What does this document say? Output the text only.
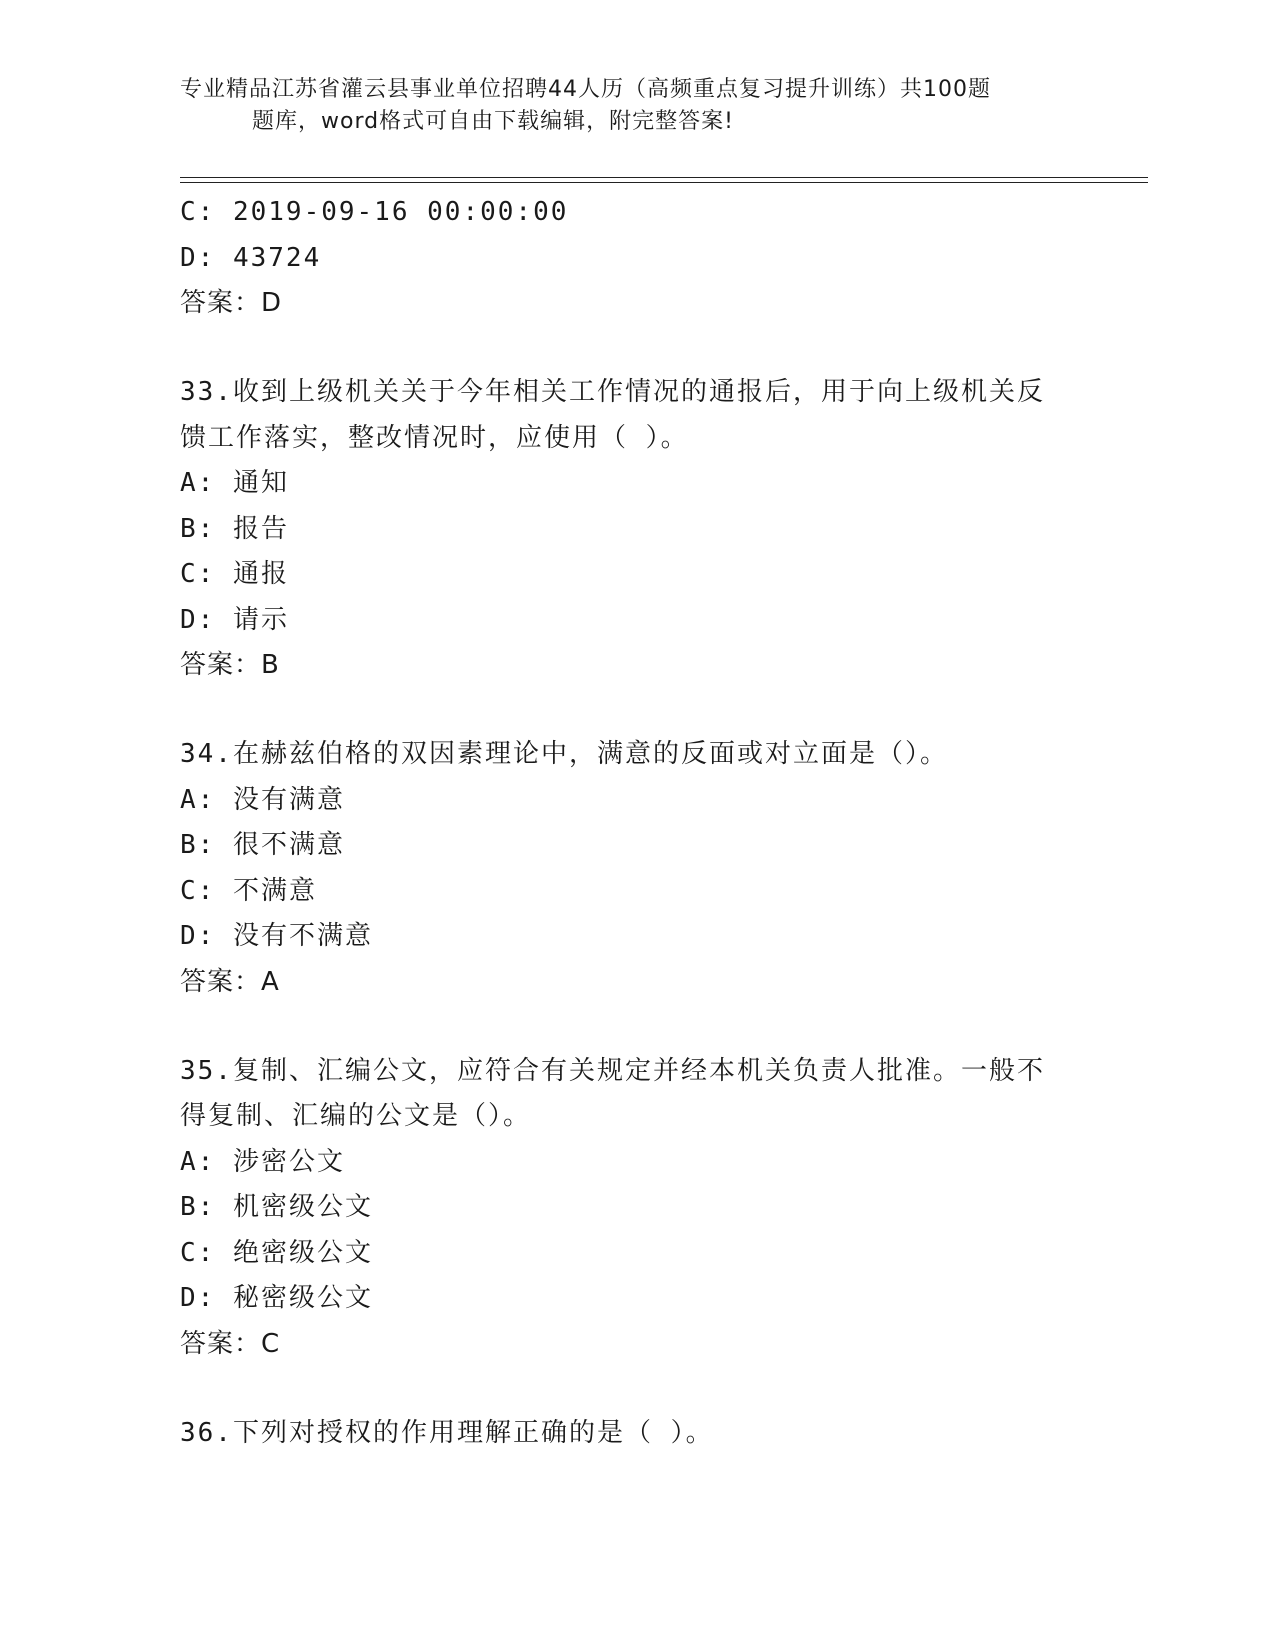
专业精品江苏省灌云县事业单位招聘44人历（高频重点复习提升训练）共100题
题库，word格式可自由下载编辑，附完整答案!
C: 2019-09-16 00:00:00
D: 43724
答案：D
33.收到上级机关关于今年相关工作情况的通报后，用于向上级机关反
馈工作落实，整改情况时，应使用（ ）。
A: 通知
B: 报告
C: 通报
D: 请示
答案：B
34.在赫兹伯格的双因素理论中，满意的反面或对立面是（）。
A: 没有满意
B: 很不满意
C: 不满意
D: 没有不满意
答案：A
35.复制、汇编公文，应符合有关规定并经本机关负责人批准。一般不
得复制、汇编的公文是（）。
A: 涉密公文
B: 机密级公文
C: 绝密级公文
D: 秘密级公文
答案：C
36.下列对授权的作用理解正确的是（ ）。
